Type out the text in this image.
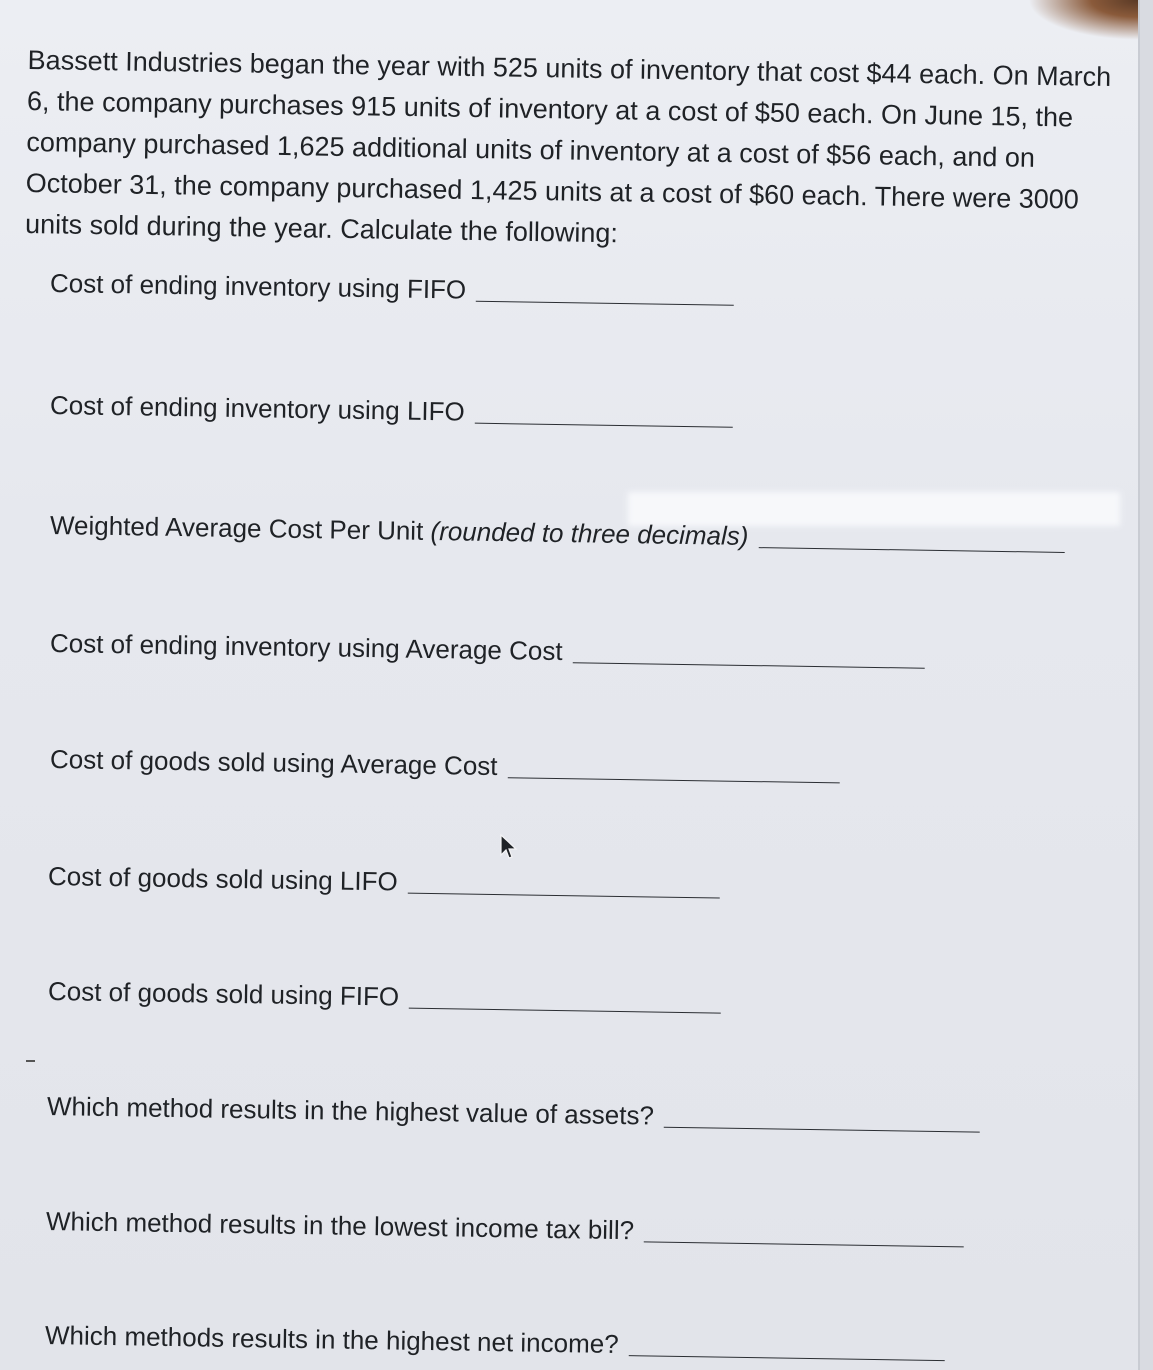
Bassett Industries began the year with 525 units of inventory that cost $44 each. On March 6, the company purchases 915 units of inventory at a cost of $50 each. On June 15, the company purchased 1,625 additional units of inventory at a cost of $56 each, and on October 31, the company purchased 1,425 units at a cost of $60 each. There were 3000 units sold during the year. Calculate the following:

Cost of ending inventory using FIFO
Cost of ending inventory using LIFO
Weighted Average Cost Per Unit (rounded to three decimals)
Cost of ending inventory using Average Cost
Cost of goods sold using Average Cost
Cost of goods sold using LIFO
Cost of goods sold using FIFO
Which method results in the highest value of assets?
Which method results in the lowest income tax bill?
Which methods results in the highest net income?
